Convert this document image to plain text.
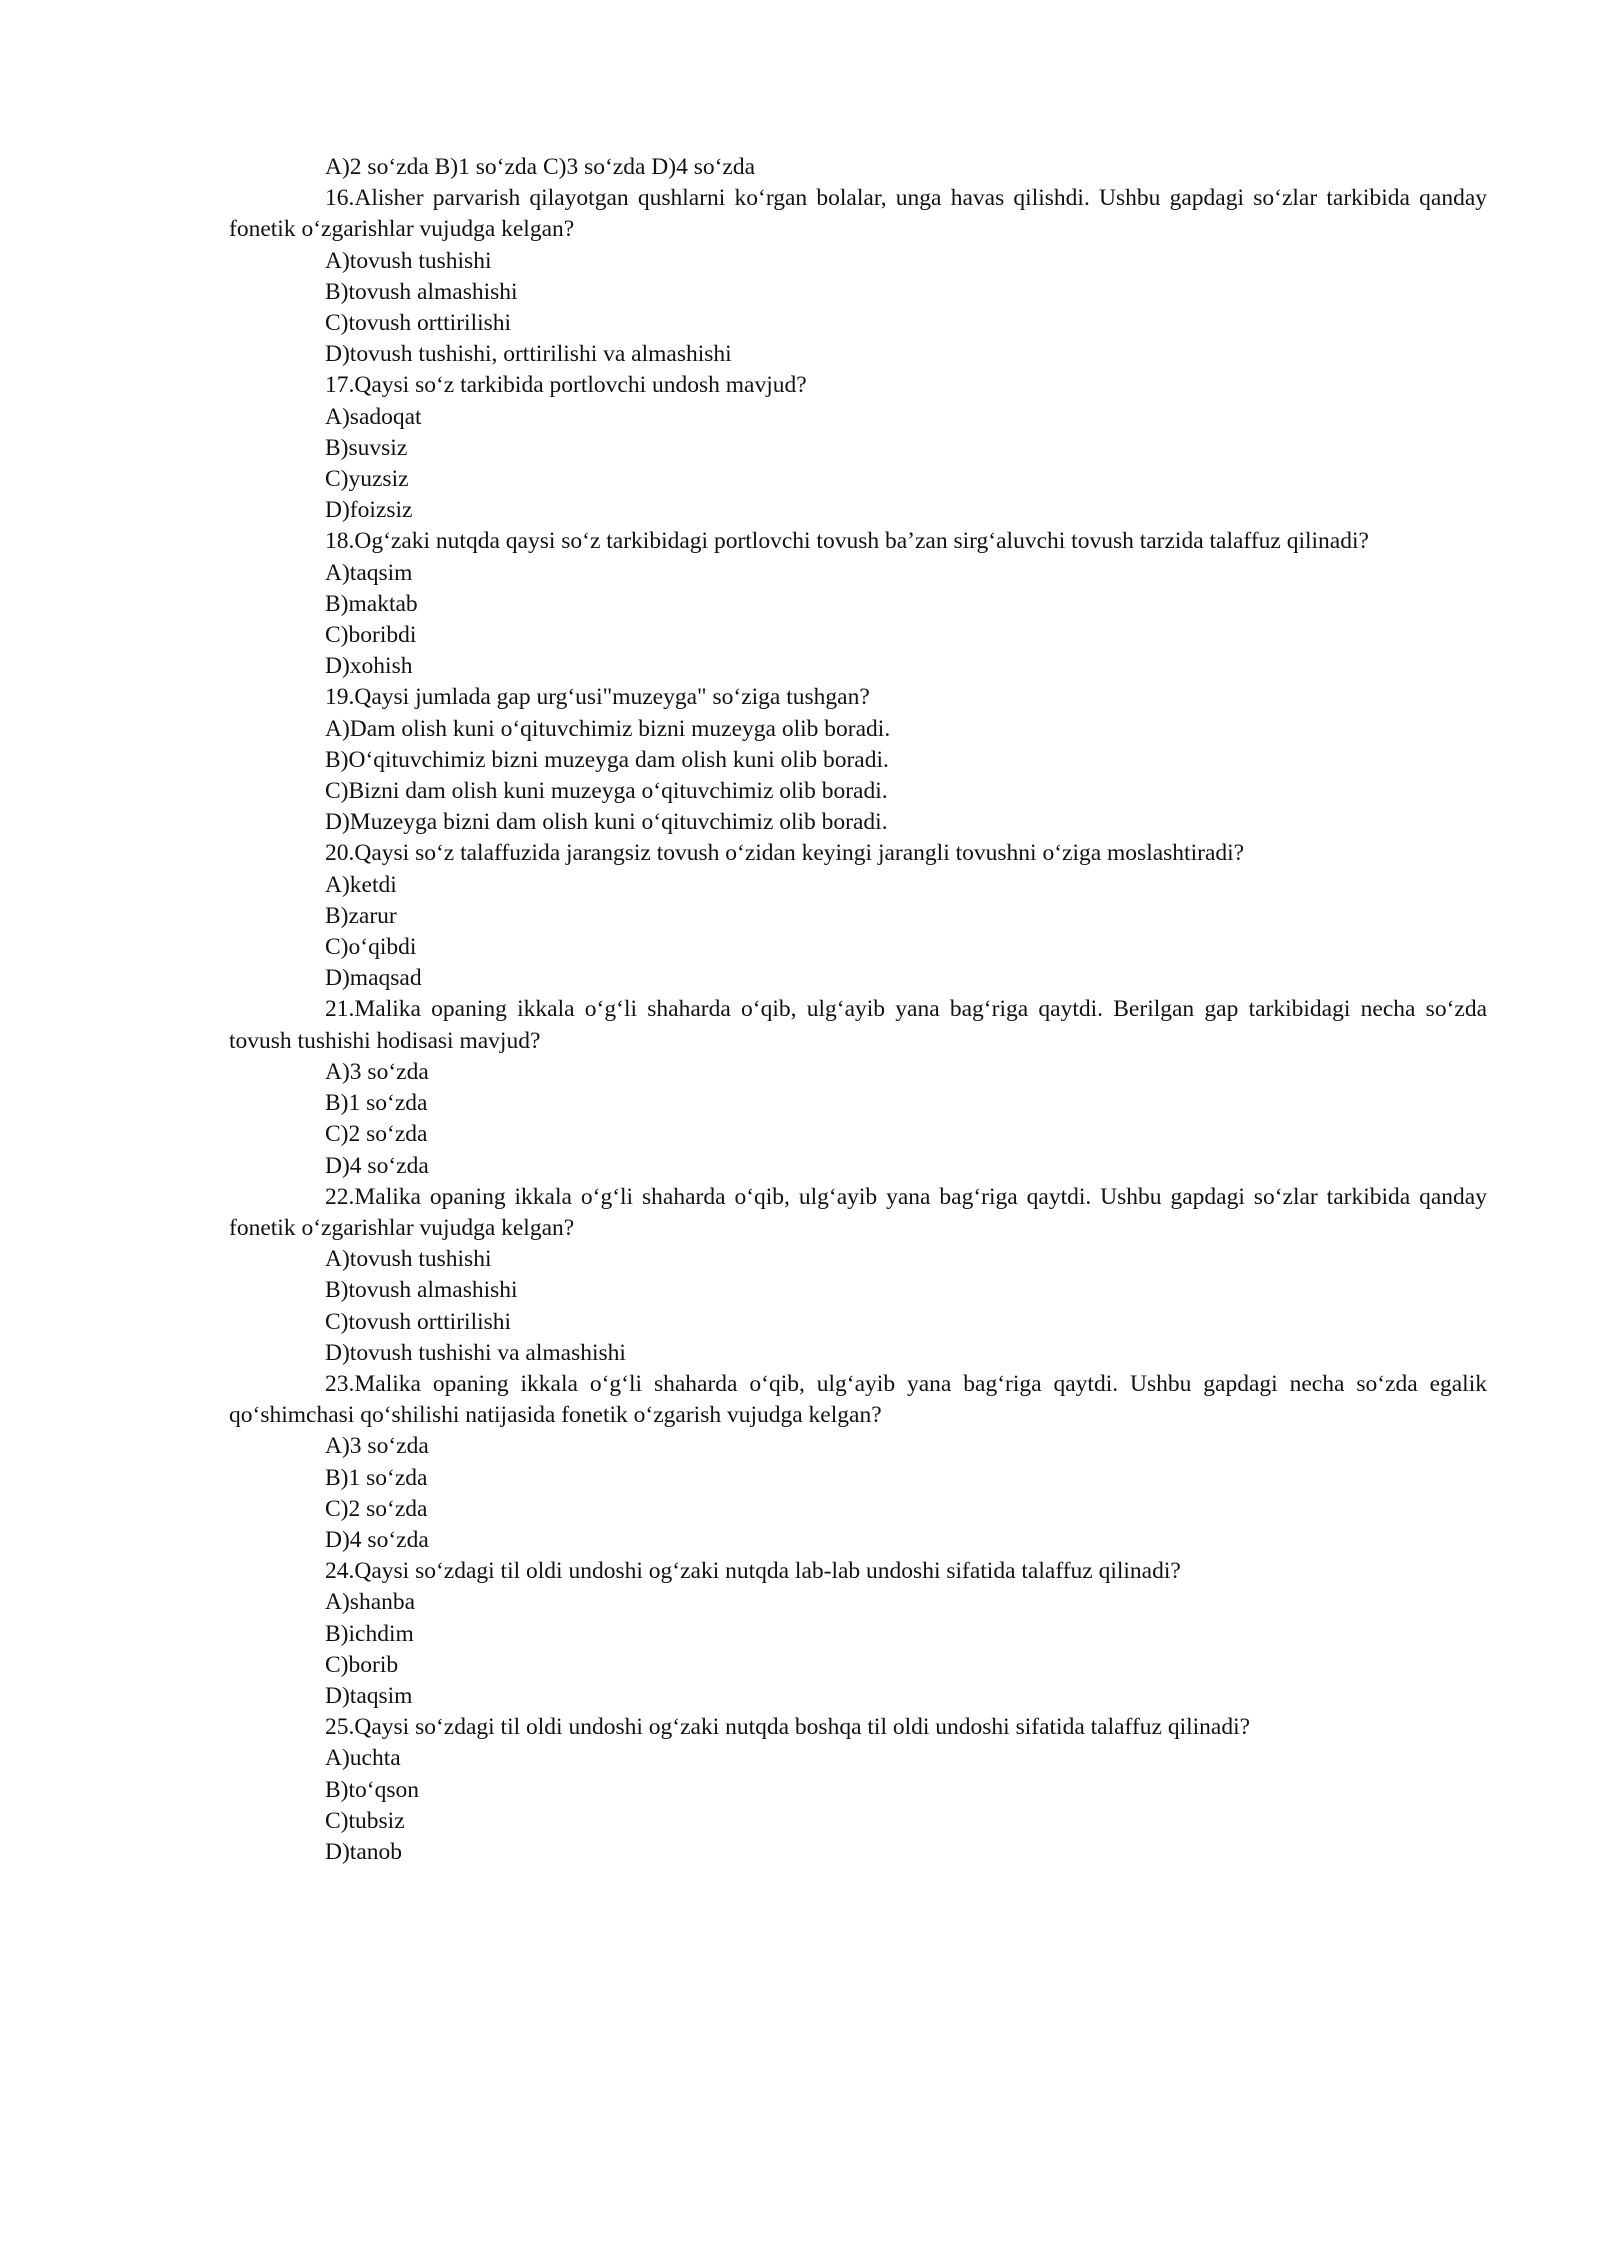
A)2 so‘zda B)1 so‘zda C)3 so‘zda D)4 so‘zda

16.Alisher parvarish qilayotgan qushlarni ko‘rgan bolalar, unga havas qilishdi. Ushbu gapdagi so‘zlar tarkibida qanday fonetik o‘zgarishlar vujudga kelgan?

A)tovush tushishi

B)tovush almashishi

C)tovush orttirilishi

D)tovush tushishi, orttirilishi va almashishi

17.Qaysi so‘z tarkibida portlovchi undosh mavjud?

A)sadoqat

B)suvsiz

C)yuzsiz

D)foizsiz

18.Og‘zaki nutqda qaysi so‘z tarkibidagi portlovchi tovush ba’zan sirg‘aluvchi tovush tarzida talaffuz qilinadi?

A)taqsim

B)maktab

C)boribdi

D)xohish

19.Qaysi jumlada gap urg‘usi"muzeyga" so‘ziga tushgan?

A)Dam olish kuni o‘qituvchimiz bizni muzeyga olib boradi.

B)O‘qituvchimiz bizni muzeyga dam olish kuni olib boradi.

C)Bizni dam olish kuni muzeyga o‘qituvchimiz olib boradi.

D)Muzeyga bizni dam olish kuni o‘qituvchimiz olib boradi.

20.Qaysi so‘z talaffuzida jarangsiz tovush o‘zidan keyingi jarangli tovushni o‘ziga moslashtiradi?

A)ketdi

B)zarur

C)o‘qibdi

D)maqsad

21.Malika opaning ikkala o‘g‘li shaharda o‘qib, ulg‘ayib yana bag‘riga qaytdi. Berilgan gap tarkibidagi necha so‘zda tovush tushishi hodisasi mavjud?

A)3 so‘zda

B)1 so‘zda

C)2 so‘zda

D)4 so‘zda

22.Malika opaning ikkala o‘g‘li shaharda o‘qib, ulg‘ayib yana bag‘riga qaytdi. Ushbu gapdagi so‘zlar tarkibida qanday fonetik o‘zgarishlar vujudga kelgan?

A)tovush tushishi

B)tovush almashishi

C)tovush orttirilishi

D)tovush tushishi va almashishi

23.Malika opaning ikkala o‘g‘li shaharda o‘qib, ulg‘ayib yana bag‘riga qaytdi. Ushbu gapdagi necha so‘zda egalik qo‘shimchasi qo‘shilishi natijasida fonetik o‘zgarish vujudga kelgan?

A)3 so‘zda

B)1 so‘zda

C)2 so‘zda

D)4 so‘zda

24.Qaysi so‘zdagi til oldi undoshi og‘zaki nutqda lab-lab undoshi sifatida talaffuz qilinadi?

A)shanba

B)ichdim

C)borib

D)taqsim

25.Qaysi so‘zdagi til oldi undoshi og‘zaki nutqda boshqa til oldi undoshi sifatida talaffuz qilinadi?

A)uchta

B)to‘qson

C)tubsiz

D)tanob
